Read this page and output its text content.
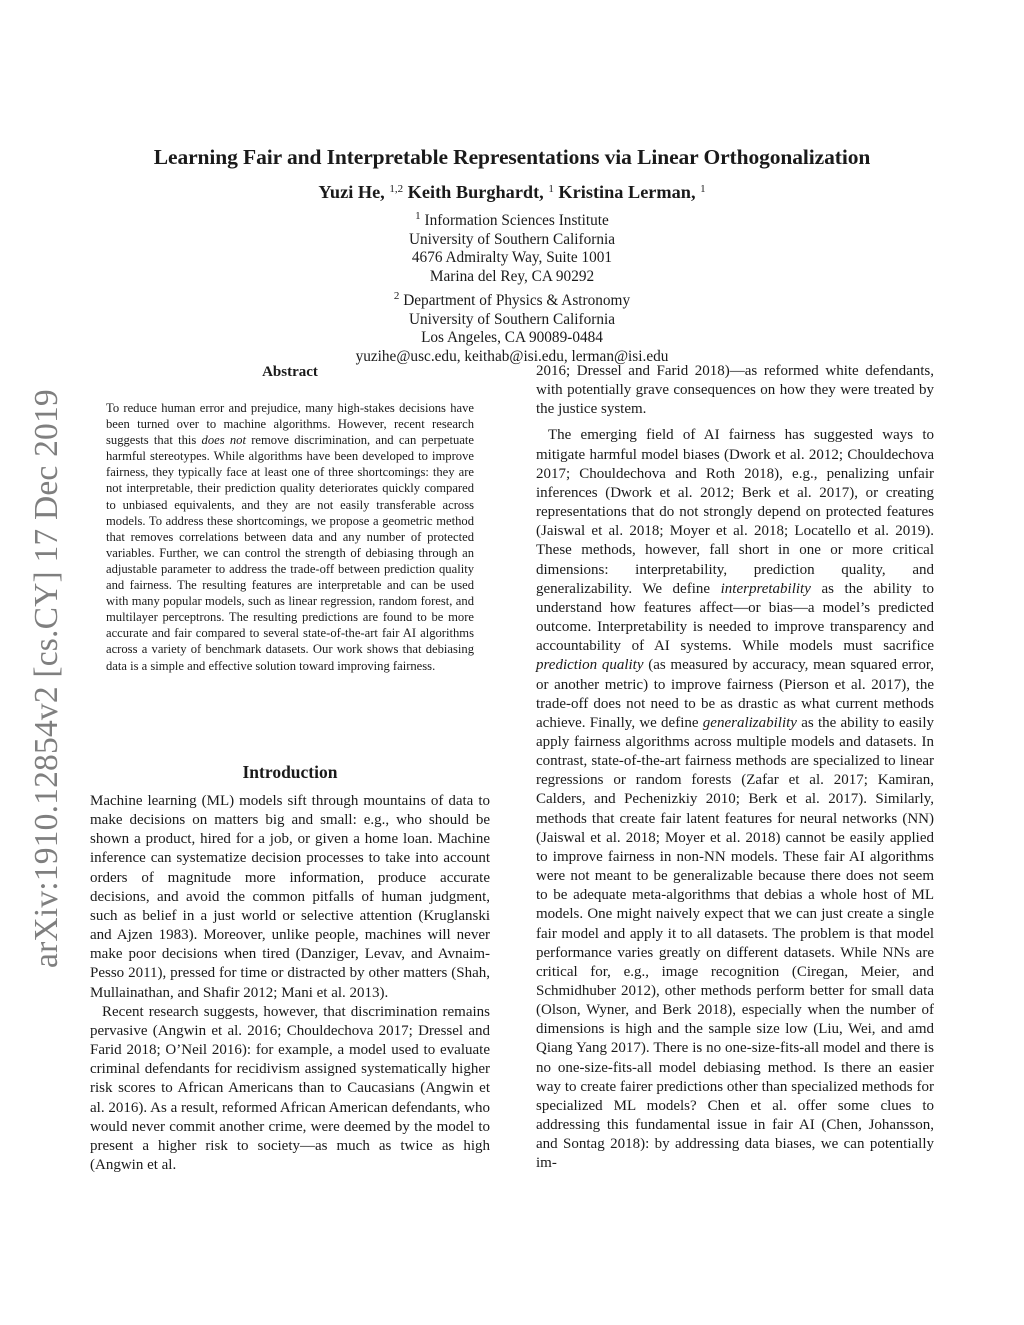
arXiv:1910.12854v2 [cs.CY] 17 Dec 2019
Learning Fair and Interpretable Representations via Linear Orthogonalization
Yuzi He, $^{1,2}$ Keith Burghardt, $^1$ Kristina Lerman, $^1$
$^1$ Information Sciences Institute
University of Southern California
4676 Admiralty Way, Suite 1001
Marina del Rey, CA 90292
$^2$ Department of Physics & Astronomy
University of Southern California
Los Angeles, CA 90089-0484
yuzihe@usc.edu, keithab@isi.edu, lerman@isi.edu
Abstract

To reduce human error and prejudice, many high-stakes decisions have been turned over to machine algorithms. However, recent research suggests that this does not remove discrimination, and can perpetuate harmful stereotypes. While algorithms have been developed to improve fairness, they typically face at least one of three shortcomings: they are not interpretable, their prediction quality deteriorates quickly compared to unbiased equivalents, and they are not easily transferable across models. To address these shortcomings, we propose a geometric method that removes correlations between data and any number of protected variables. Further, we can control the strength of debiasing through an adjustable parameter to address the trade-off between prediction quality and fairness. The resulting features are interpretable and can be used with many popular models, such as linear regression, random forest, and multilayer perceptrons. The resulting predictions are found to be more accurate and fair compared to several state-of-the-art fair AI algorithms across a variety of benchmark datasets. Our work shows that debiasing data is a simple and effective solution toward improving fairness.

Introduction

Machine learning (ML) models sift through mountains of data to make decisions on matters big and small: e.g., who should be shown a product, hired for a job, or given a home loan. Machine inference can systematize decision processes to take into account orders of magnitude more information, produce accurate decisions, and avoid the common pitfalls of human judgment, such as belief in a just world or selective attention (Kruglanski and Ajzen 1983). Moreover, unlike people, machines will never make poor decisions when tired (Danziger, Levav, and Avnaim-Pesso 2011), pressed for time or distracted by other matters (Shah, Mullainathan, and Shafir 2012; Mani et al. 2013).

Recent research suggests, however, that discrimination remains pervasive (Angwin et al. 2016; Chouldechova 2017; Dressel and Farid 2018; O’Neil 2016): for example, a model used to evaluate criminal defendants for recidivism assigned systematically higher risk scores to African Americans than to Caucasians (Angwin et al. 2016). As a result, reformed African American defendants, who would never commit another crime, were deemed by the model to present a higher risk to society—as much as twice as high (Angwin et al.

2016; Dressel and Farid 2018)—as reformed white defendants, with potentially grave consequences on how they were treated by the justice system.

The emerging field of AI fairness has suggested ways to mitigate harmful model biases (Dwork et al. 2012; Chouldechova 2017; Chouldechova and Roth 2018), e.g., penalizing unfair inferences (Dwork et al. 2012; Berk et al. 2017), or creating representations that do not strongly depend on protected features (Jaiswal et al. 2018; Moyer et al. 2018; Locatello et al. 2019). These methods, however, fall short in one or more critical dimensions: interpretability, prediction quality, and generalizability. We define interpretability as the ability to understand how features affect—or bias—a model’s predicted outcome. Interpretability is needed to improve transparency and accountability of AI systems. While models must sacrifice prediction quality (as measured by accuracy, mean squared error, or another metric) to improve fairness (Pierson et al. 2017), the trade-off does not need to be as drastic as what current methods achieve. Finally, we define generalizability as the ability to easily apply fairness algorithms across multiple models and datasets. In contrast, state-of-the-art fairness methods are specialized to linear regressions or random forests (Zafar et al. 2017; Kamiran, Calders, and Pechenizkiy 2010; Berk et al. 2017). Similarly, methods that create fair latent features for neural networks (NN) (Jaiswal et al. 2018; Moyer et al. 2018) cannot be easily applied to improve fairness in non-NN models. These fair AI algorithms were not meant to be generalizable because there does not seem to be adequate meta-algorithms that debias a whole host of ML models. One might naively expect that we can just create a single fair model and apply it to all datasets. The problem is that model performance varies greatly on different datasets. While NNs are critical for, e.g., image recognition (Ciregan, Meier, and Schmidhuber 2012), other methods perform better for small data (Olson, Wyner, and Berk 2018), especially when the number of dimensions is high and the sample size low (Liu, Wei, and amd Qiang Yang 2017). There is no one-size-fits-all model and there is no one-size-fits-all model debiasing method. Is there an easier way to create fairer predictions other than specialized methods for specialized ML models? Chen et al. offer some clues to addressing this fundamental issue in fair AI (Chen, Johansson, and Sontag 2018): by addressing data biases, we can potentially im-
